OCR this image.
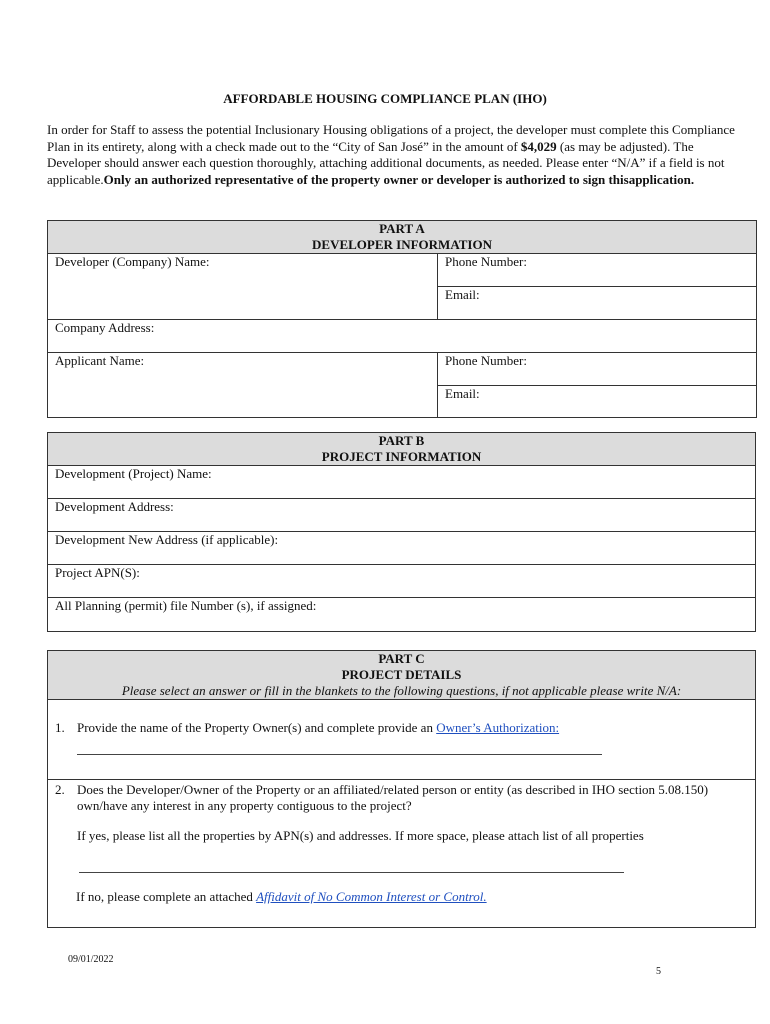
AFFORDABLE HOUSING COMPLIANCE PLAN (IHO)

In order for Staff to assess the potential Inclusionary Housing obligations of a project, the developer must complete this Compliance Plan in its entirety, along with a check made out to the “City of San José” in the amount of $4,029 (as may be adjusted). The Developer should answer each question thoroughly, attaching additional documents, as needed. Please enter “N/A” if a field is not applicable.Only an authorized representative of the property owner or developer is authorized to sign thisapplication.

PART A
DEVELOPER INFORMATION	

Developer (Company) Name:	Phone Number:
	Email:
Company Address:	
Applicant Name:	Phone Number:
	Email:
PART B
PROJECT INFORMATION

Development (Project) Name:
Development Address:
Development New Address (if applicable):
Project APN(S):
All Planning (permit) file Number (s), if assigned:
PART C
PROJECT DETAILS
Please select an answer or fill in the blankets to the following questions, if not applicable please write N/A:

1. Provide the name of the Property Owner(s) and complete provide an Owner’s Authorization:

2. Does the Developer/Owner of the Property or an affiliated/related person or entity (as described in IHO section 5.08.150) own/have any interest in any property contiguous to the project?
If yes, please list all the properties by APN(s) and addresses. If more space, please attach list of all properties
If no, please complete an attached Affidavit of No Common Interest or Control.
09/01/2022
5
